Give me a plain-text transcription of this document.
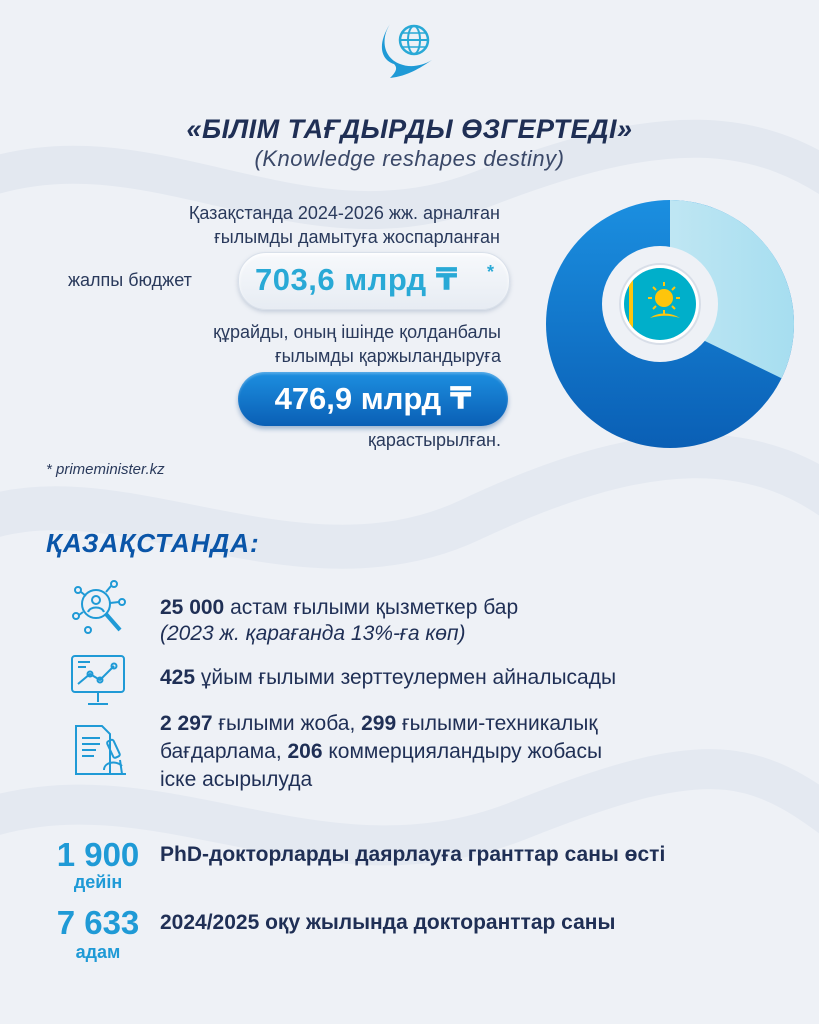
«БІЛІМ ТАҒДЫРДЫ ӨЗГЕРТЕДІ»
(Knowledge reshapes destiny)
Қазақстанда 2024-2026 жж. арналған
ғылымды дамытуға жоспарланған
жалпы бюджет 703,6 млрд ₸ *
құрайды, оның ішінде қолданбалы
ғылымды қаржыландыруға
476,9 млрд ₸
қарастырылған.
* primeminister.kz
ҚАЗАҚСТАНДА:
25 000 астам ғылыми қызметкер бар
(2023 ж. қарағанда 13%-ға көп)
425 ұйым ғылыми зерттеулермен айналысады
2 297 ғылыми жоба, 299 ғылыми-техникалық
бағдарлама, 206 коммерцияландыру жобасы
іске асырылуда
1 900
дейін
PhD-докторларды даярлауға гранттар саны өсті
7 633
адам
2024/2025 оқу жылында докторанттар саны
